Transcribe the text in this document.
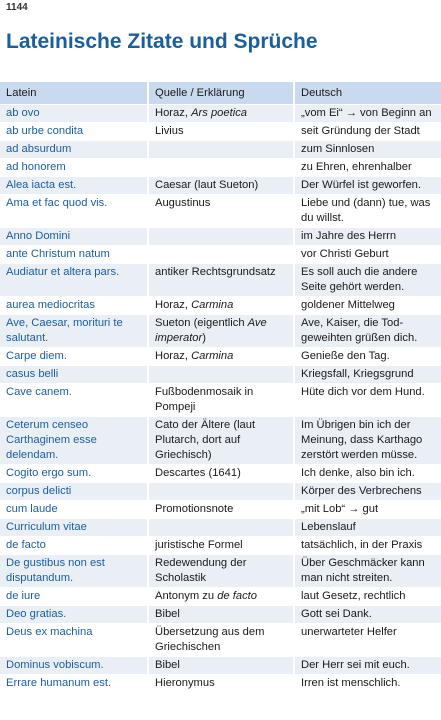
1144
Lateinische Zitate und Sprüche
Latein	Quelle / Erklärung	Deutsch
ab ovo	Horaz, Ars poetica	„vom Ei“ → von Beginn an
ab urbe condita	Livius	seit Gründung der Stadt
ad absurdum		zum Sinnlosen
ad honorem		zu Ehren, ehrenhalber
Alea iacta est.	Caesar (laut Sueton)	Der Würfel ist geworfen.
Ama et fac quod vis.	Augustinus	Liebe und (dann) tue, was du willst.
Anno Domini		im Jahre des Herrn
ante Christum natum		vor Christi Geburt
Audiatur et altera pars.	antiker Rechtsgrundsatz	Es soll auch die andere Seite gehört werden.
aurea mediocritas	Horaz, Carmina	goldener Mittelweg
Ave, Caesar, morituri te salutant.	Sueton (eigentlich Ave imperator)	Ave, Kaiser, die Todgeweihten grüßen dich.
Carpe diem.	Horaz, Carmina	Genieße den Tag.
casus belli		Kriegsfall, Kriegsgrund
Cave canem.	Fußbodenmosaik in Pompeji	Hüte dich vor dem Hund.
Ceterum censeo Carthaginem esse delendam.	Cato der Ältere (laut Plutarch, dort auf Griechisch)	Im Übrigen bin ich der Meinung, dass Karthago zerstört werden müsse.
Cogito ergo sum.	Descartes (1641)	Ich denke, also bin ich.
corpus delicti		Körper des Verbrechens
cum laude	Promotionsnote	„mit Lob“ → gut
Curriculum vitae		Lebenslauf
de facto	juristische Formel	tatsächlich, in der Praxis
De gustibus non est disputandum.	Redewendung der Scholastik	Über Geschmäcker kann man nicht streiten.
de iure	Antonym zu de facto	laut Gesetz, rechtlich
Deo gratias.	Bibel	Gott sei Dank.
Deus ex machina	Übersetzung aus dem Griechischen	unerwarteter Helfer
Dominus vobiscum.	Bibel	Der Herr sei mit euch.
Errare humanum est.	Hieronymus	Irren ist menschlich.
